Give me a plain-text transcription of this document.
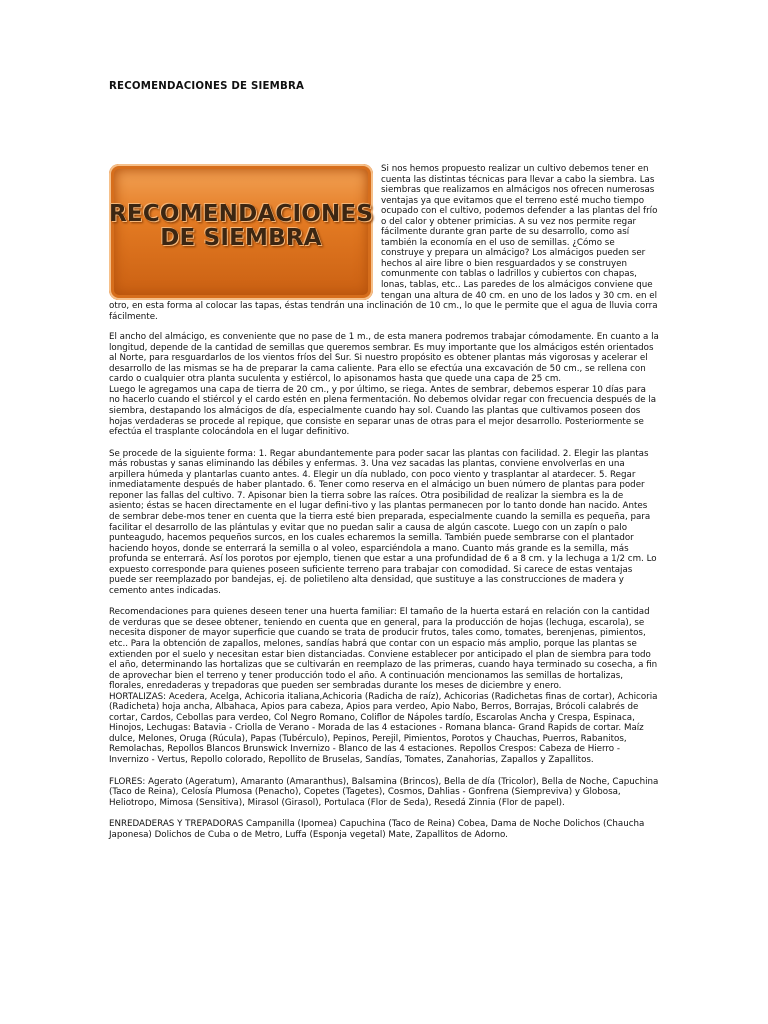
RECOMENDACIONES DE SIEMBRA
RECOMENDACIONES
DE SIEMBRA

Si nos hemos propuesto realizar un cultivo debemos tener en cuenta las distintas técnicas para llevar a cabo la siembra. Las siembras que realizamos en almácigos nos ofrecen numerosas ventajas ya que evitamos que el terreno esté mucho tiempo ocupado con el cultivo, podemos defender a las plantas del frío o del calor y obtener primicias. A su vez nos permite regar fácilmente durante gran parte de su desarrollo, como así también la economía en el uso de semillas. ¿Cómo se construye y prepara un almácigo? Los almácigos pueden ser hechos al aire libre o bien resguardados y se construyen comunmente con tablas o ladrillos y cubiertos con chapas, lonas, tablas, etc.. Las paredes de los almácigos conviene que tengan una altura de 40 cm. en uno de los lados y 30 cm. en el otro, en esta forma al colocar las tapas, éstas tendrán una inclinación de 10 cm., lo que le permite que el agua de lluvia corra fácilmente.

El ancho del almácigo, es conveniente que no pase de 1 m., de esta manera podremos trabajar cómodamente. En cuanto a la longitud, depende de la cantidad de semillas que queremos sembrar. Es muy importante que los almácigos estén orientados al Norte, para resguardarlos de los vientos fríos del Sur. Si nuestro propósito es obtener plantas más vigorosas y acelerar el desarrollo de las mismas se ha de preparar la cama caliente. Para ello se efectúa una excavación de 50 cm., se rellena con cardo o cualquier otra planta suculenta y estiércol, lo apisonamos hasta que quede una capa de 25 cm.

Luego le agregamos una capa de tierra de 20 cm., y por último, se riega. Antes de sembrar, debemos esperar 10 días para no hacerlo cuando el stiércol y el cardo estén en plena fermentación. No debemos olvidar regar con frecuencia después de la siembra, destapando los almácigos de día, especialmente cuando hay sol. Cuando las plantas que cultivamos poseen dos hojas verdaderas se procede al repique, que consiste en separar unas de otras para el mejor desarrollo. Posteriormente se efectúa el trasplante colocándola en el lugar definitivo.

Se procede de la siguiente forma: 1. Regar abundantemente para poder sacar las plantas con facilidad. 2. Elegir las plantas más robustas y sanas eliminando las débiles y enfermas. 3. Una vez sacadas las plantas, conviene envolverlas en una arpillera húmeda y plantarlas cuanto antes. 4. Elegir un día nublado, con poco viento y trasplantar al atardecer. 5. Regar inmediatamente después de haber plantado. 6. Tener como reserva en el almácigo un buen número de plantas para poder reponer las fallas del cultivo. 7. Apisonar bien la tierra sobre las raíces. Otra posibilidad de realizar la siembra es la de asiento; éstas se hacen directamente en el lugar defini-tivo y las plantas permanecen por lo tanto donde han nacido. Antes de sembrar debe-mos tener en cuenta que la tierra esté bien preparada, especialmente cuando la semilla es pequeña, para facilitar el desarrollo de las plántulas y evitar que no puedan salir a causa de algún cascote. Luego con un zapín o palo punteagudo, hacemos pequeños surcos, en los cuales echaremos la semilla. También puede sembrarse con el plantador haciendo hoyos, donde se enterrará la semilla o al voleo, esparciéndola a mano. Cuanto más grande es la semilla, más profunda se enterrará. Así los porotos por ejemplo, tienen que estar a una profundidad de 6 a 8 cm. y la lechuga a 1/2 cm. Lo expuesto corresponde para quienes poseen suficiente terreno para trabajar con comodidad. Si carece de estas ventajas puede ser reemplazado por bandejas, ej. de polietileno alta densidad, que sustituye a las construcciones de madera y cemento antes indicadas.

Recomendaciones para quienes deseen tener una huerta familiar: El tamaño de la huerta estará en relación con la cantidad de verduras que se desee obtener, teniendo en cuenta que en general, para la producción de hojas (lechuga, escarola), se necesita disponer de mayor superficie que cuando se trata de producir frutos, tales como, tomates, berenjenas, pimientos, etc.. Para la obtención de zapallos, melones, sandías habrá que contar con un espacio más amplio, porque las plantas se extienden por el suelo y necesitan estar bien distanciadas. Conviene establecer por anticipado el plan de siembra para todo el año, determinando las hortalizas que se cultivarán en reemplazo de las primeras, cuando haya terminado su cosecha, a fin de aprovechar bien el terreno y tener producción todo el año. A continuación mencionamos las semillas de hortalizas, florales, enredaderas y trepadoras que pueden ser sembradas durante los meses de diciembre y enero.

HORTALIZAS: Acedera, Acelga, Achicoria italiana,Achicoria (Radicha de raíz), Achicorias (Radichetas finas de cortar), Achicoria (Radicheta) hoja ancha, Albahaca, Apios para cabeza, Apios para verdeo, Apio Nabo, Berros, Borrajas, Brócoli calabrés de cortar, Cardos, Cebollas para verdeo, Col Negro Romano, Coliflor de Nápoles tardío, Escarolas Ancha y Crespa, Espinaca, Hinojos, Lechugas: Batavia - Criolla de Verano - Morada de las 4 estaciones - Romana blanca- Grand Rapids de cortar. Maíz dulce, Melones, Oruga (Rúcula), Papas (Tubérculo), Pepinos, Perejil, Pimientos, Porotos y Chauchas, Puerros, Rabanitos, Remolachas, Repollos Blancos Brunswick Invernizo - Blanco de las 4 estaciones. Repollos Crespos: Cabeza de Hierro -Invernizo - Vertus, Repollo colorado, Repollito de Bruselas, Sandías, Tomates, Zanahorias, Zapallos y Zapallitos.

FLORES: Agerato (Ageratum), Amaranto (Amaranthus), Balsamina (Brincos), Bella de día (Tricolor), Bella de Noche, Capuchina (Taco de Reina), Celosía Plumosa (Penacho), Copetes (Tagetes), Cosmos, Dahlias - Gonfrena (Siempreviva) y Globosa, Heliotropo, Mimosa (Sensitiva), Mirasol (Girasol), Portulaca (Flor de Seda), Resedá Zinnia (Flor de papel).

ENREDADERAS Y TREPADORAS Campanilla (Ipomea) Capuchina (Taco de Reina) Cobea, Dama de Noche Dolichos (Chaucha Japonesa) Dolichos de Cuba o de Metro, Luffa (Esponja vegetal) Mate, Zapallitos de Adorno.
